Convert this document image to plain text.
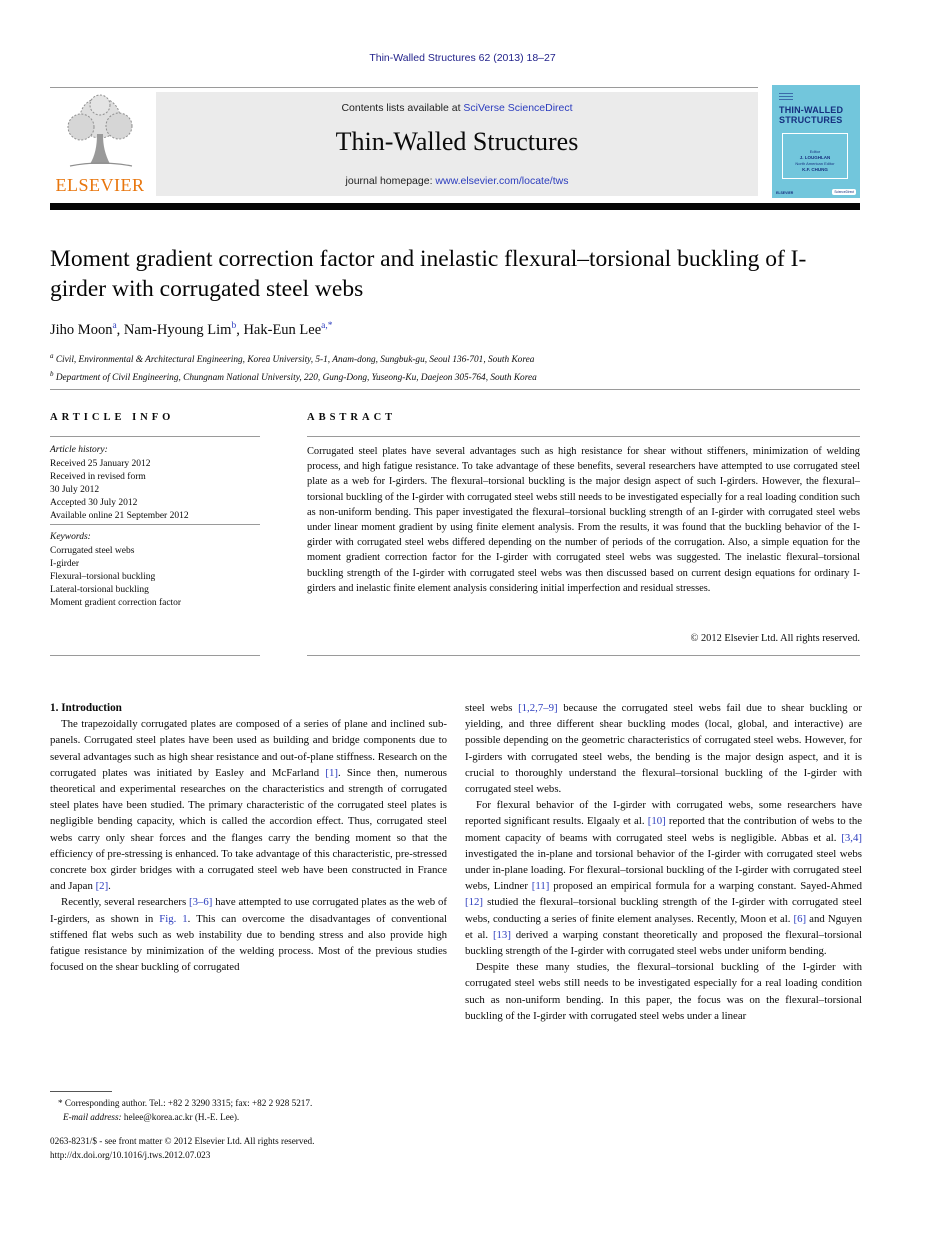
Thin-Walled Structures 62 (2013) 18–27
ELSEVIER
Contents lists available at SciVerse ScienceDirect
Thin-Walled Structures
journal homepage: www.elsevier.com/locate/tws
THIN-WALLED
STRUCTURES
Editor
J. LOUGHLAN
North American Editor
K.F. CHUNG
ELSEVIER	ScienceDirect
Moment gradient correction factor and inelastic flexural–torsional buckling of I-girder with corrugated steel webs
Jiho Moon$^a$, Nam-Hyoung Lim$^b$, Hak-Eun Lee$^{a,*}$
$^a$ Civil, Environmental & Architectural Engineering, Korea University, 5-1, Anam-dong, Sungbuk-gu, Seoul 136-701, South Korea
$^b$ Department of Civil Engineering, Chungnam National University, 220, Gung-Dong, Yuseong-Ku, Daejeon 305-764, South Korea
ARTICLE INFO
Article history:
Received 25 January 2012
Received in revised form
30 July 2012
Accepted 30 July 2012
Available online 21 September 2012
Keywords:
Corrugated steel webs
I-girder
Flexural–torsional buckling
Lateral-torsional buckling
Moment gradient correction factor
ABSTRACT
Corrugated steel plates have several advantages such as high resistance for shear without stiffeners, minimization of welding process, and high fatigue resistance. To take advantage of these benefits, several researchers have attempted to use corrugated steel plate as a web for I-girders. The flexural–torsional buckling is the major design aspect of such I-girders. However, the flexural–torsional buckling of the I-girder with corrugated steel webs still needs to be investigated especially for a real loading condition such as non-uniform bending. This paper investigated the flexural–torsional buckling strength of an I-girder with corrugated steel webs under linear moment gradient by using finite element analysis. From the results, it was found that the buckling behavior of the I-girder with corrugated steel webs differed depending on the number of periods of the corrugation. Also, a simple equation for the moment gradient correction factor for the I-girder with corrugated steel webs was suggested. The inelastic flexural–torsional buckling strength of the I-girder with corrugated steel webs was then discussed based on current design equations for ordinary I-girders and inelastic finite element analysis considering initial imperfection and residual stresses.
© 2012 Elsevier Ltd. All rights reserved.

1. Introduction

The trapezoidally corrugated plates are composed of a series of plane and inclined sub-panels. Corrugated steel plates have been used as building and bridge components due to several advantages such as high shear resistance and out-of-plane stiffness. Research on the corrugated plates was initiated by Easley and McFarland [1]. Since then, numerous theoretical and experimental researches on the characteristics and strength of corrugated steel plates have been studied. The primary characteristic of the corrugated steel plates is negligible bending capacity, which is called the accordion effect. Thus, corrugated steel webs carry only shear forces and the flanges carry the bending moment so that the efficiency of pre-stressing is enhanced. To take advantage of this characteristic, pre-stressed concrete box girder bridges with a corrugated steel web have been constructed in France and Japan [2].

Recently, several researchers [3–6] have attempted to use corrugated plates as the web of I-girders, as shown in Fig. 1. This can overcome the disadvantages of conventional stiffened flat webs such as web instability due to bending stress and also provide high fatigue resistance by minimization of the welding process. Most of the previous studies focused on the shear buckling of corrugated

steel webs [1,2,7–9] because the corrugated steel webs fail due to shear buckling or yielding, and three different shear buckling modes (local, global, and interactive) are possible depending on the geometric characteristics of corrugated steel webs. However, for I-girders with corrugated steel webs, the bending is the major design aspect, and it is crucial to thoroughly understand the flexural–torsional buckling of the I-girder with corrugated steel webs.

For flexural behavior of the I-girder with corrugated webs, some researchers have reported significant results. Elgaaly et al. [10] reported that the contribution of webs to the moment capacity of beams with corrugated steel webs is negligible. Abbas et al. [3,4] investigated the in-plane and torsional behavior of the I-girder with corrugated steel webs under in-plane loading. For flexural–torsional buckling of the I-girder with corrugated steel webs, Lindner [11] proposed an empirical formula for a warping constant. Sayed-Ahmed [12] studied the flexural–torsional buckling strength of the I-girder with corrugated steel webs, conducting a series of finite element analyses. Recently, Moon et al. [6] and Nguyen et al. [13] derived a warping constant theoretically and proposed the flexural–torsional buckling strength of the I-girder with corrugated steel webs under uniform bending.

Despite these many studies, the flexural–torsional buckling of the I-girder with corrugated steel webs still needs to be investigated especially for a real loading condition such as non-uniform bending. In this paper, the focus was on the flexural–torsional buckling of the I-girder with corrugated steel webs under a linear

* Corresponding author. Tel.: +82 2 3290 3315; fax: +82 2 928 5217.
E-mail address: helee@korea.ac.kr (H.-E. Lee).
0263-8231/$ - see front matter © 2012 Elsevier Ltd. All rights reserved.
http://dx.doi.org/10.1016/j.tws.2012.07.023
